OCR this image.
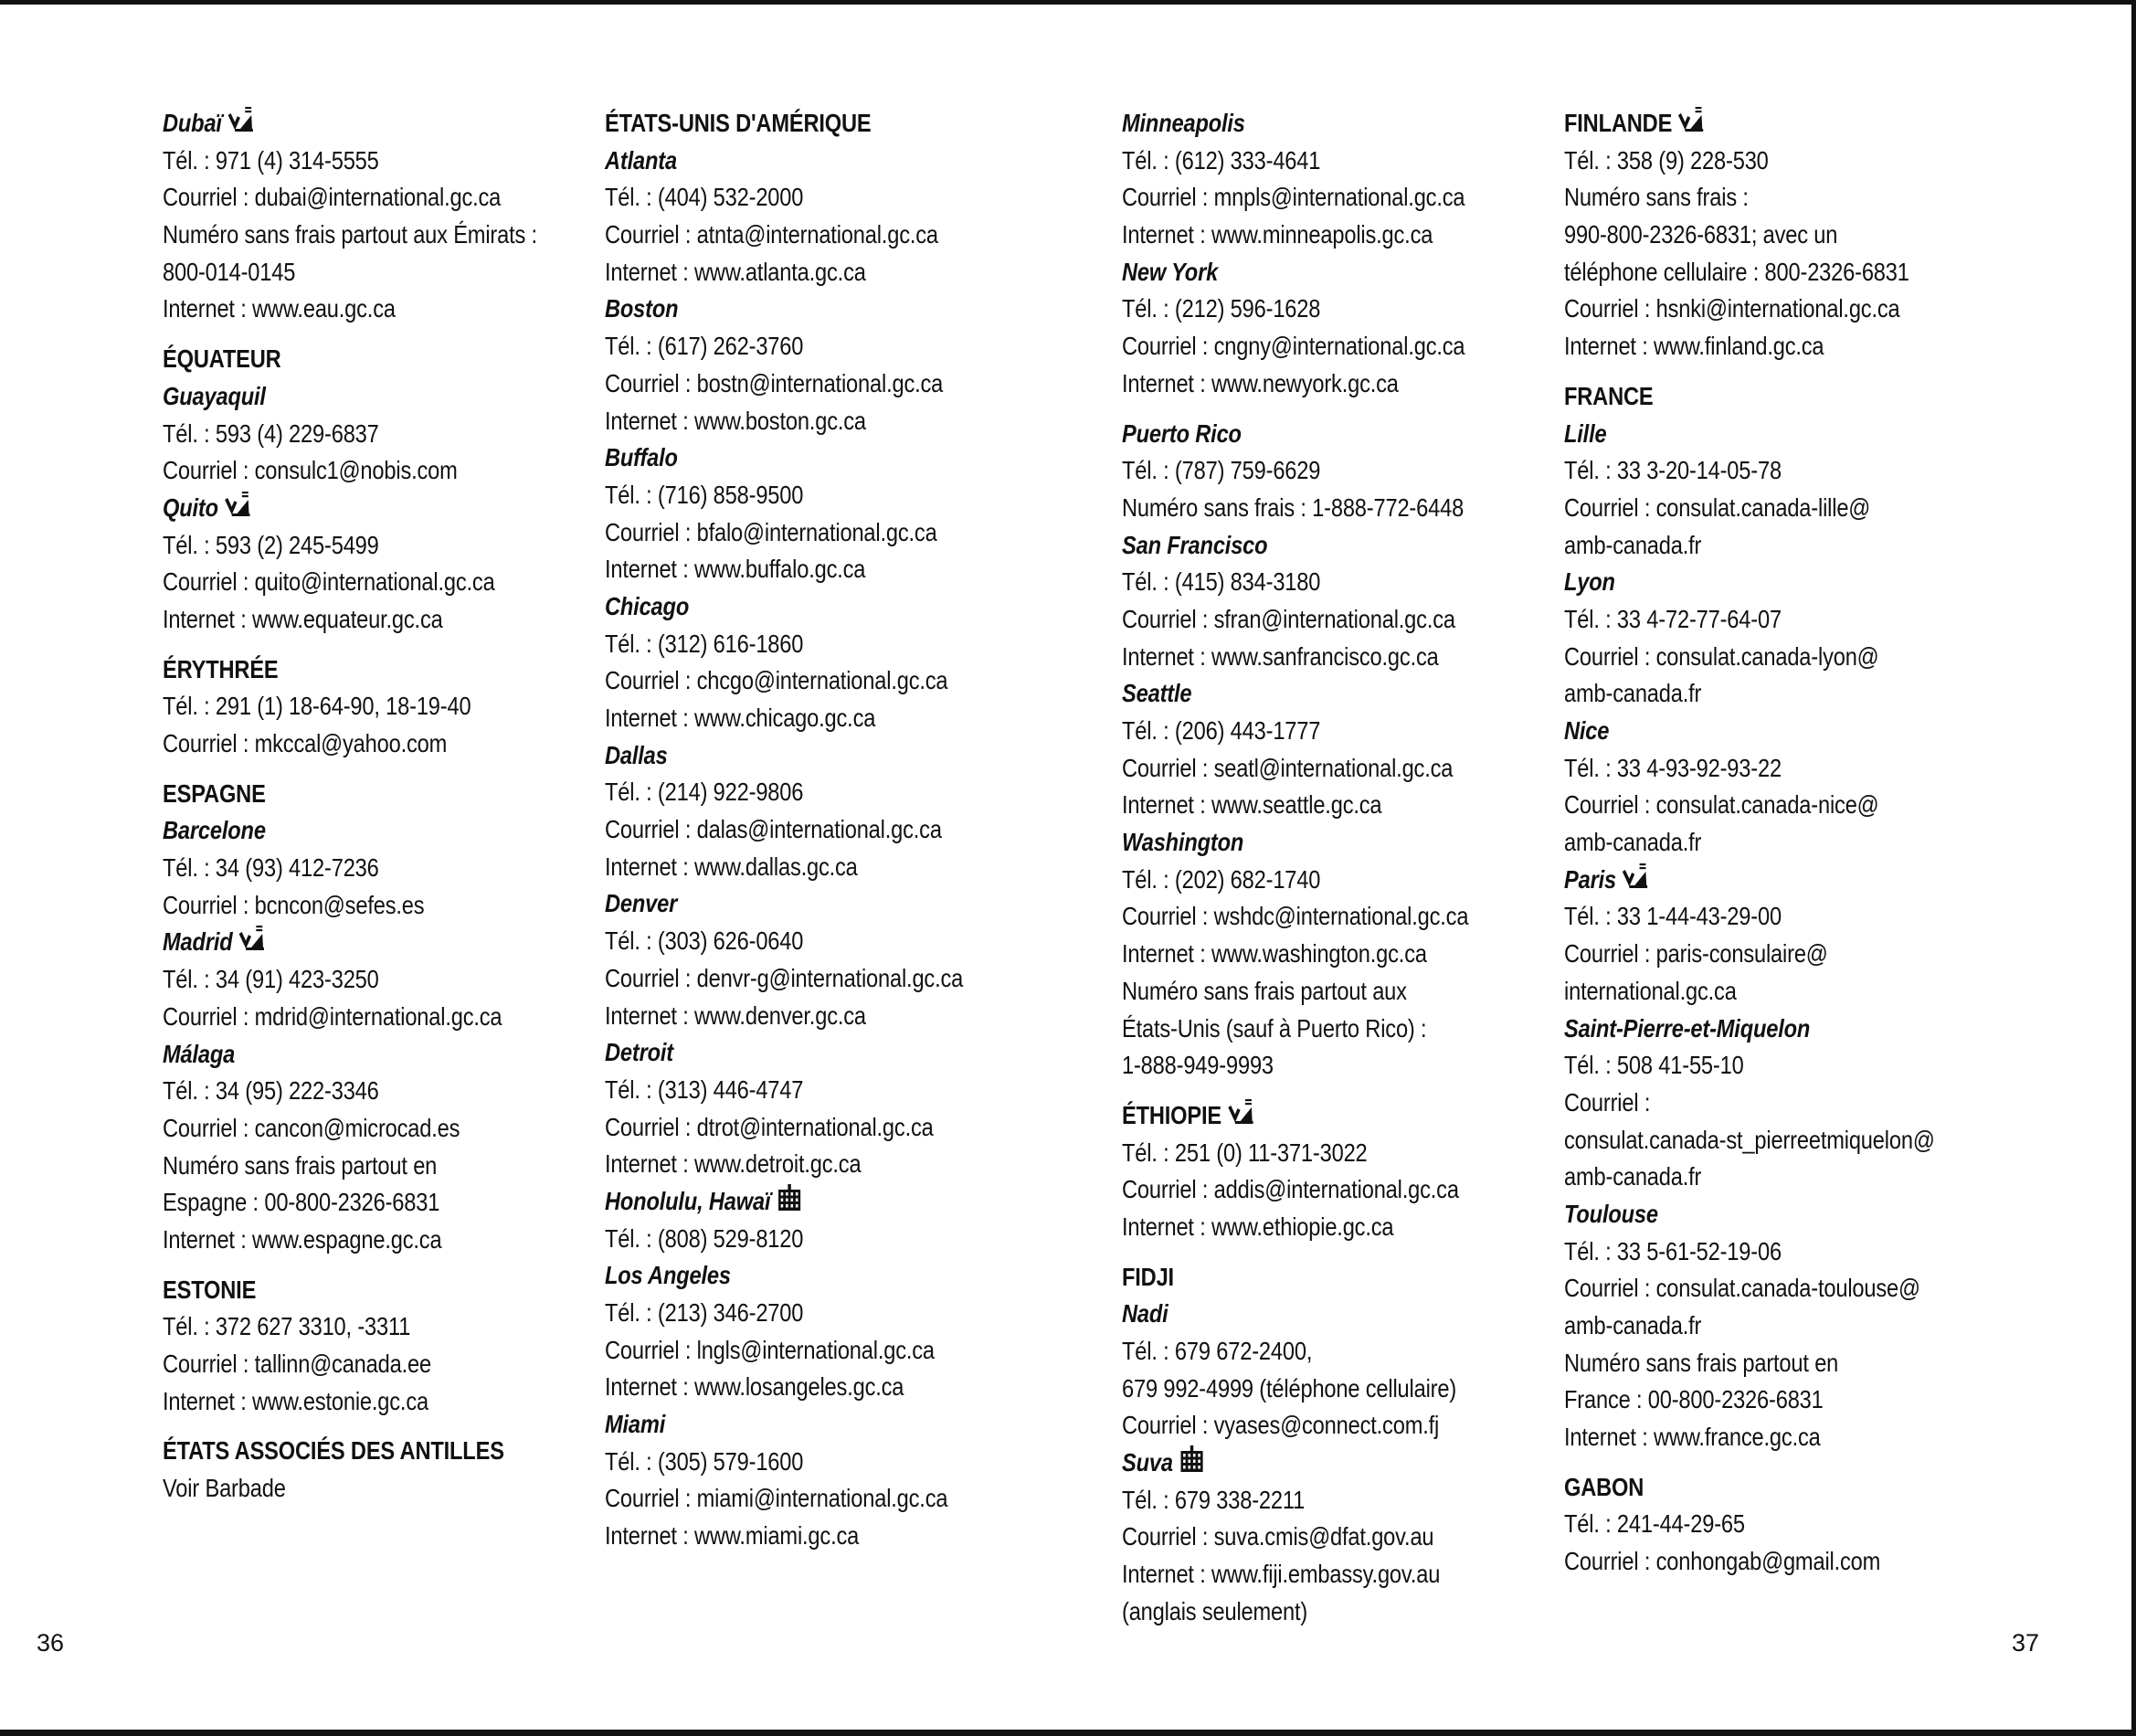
Dubaï
Tél. : 971 (4) 314-5555
Courriel : dubai@international.gc.ca
Numéro sans frais partout aux Émirats :
800-014-0145
Internet : www.eau.gc.ca
ÉQUATEUR
Guayaquil
Tél. : 593 (4) 229-6837
Courriel : consulc1@nobis.com
Quito
Tél. : 593 (2) 245-5499
Courriel : quito@international.gc.ca
Internet : www.equateur.gc.ca
ÉRYTHRÉE
Tél. : 291 (1) 18-64-90, 18-19-40
Courriel : mkccal@yahoo.com
ESPAGNE
Barcelone
Tél. : 34 (93) 412-7236
Courriel : bcncon@sefes.es
Madrid
Tél. : 34 (91) 423-3250
Courriel : mdrid@international.gc.ca
Málaga
Tél. : 34 (95) 222-3346
Courriel : cancon@microcad.es
Numéro sans frais partout en
Espagne : 00-800-2326-6831
Internet : www.espagne.gc.ca
ESTONIE
Tél. : 372 627 3310, -3311
Courriel : tallinn@canada.ee
Internet : www.estonie.gc.ca
ÉTATS ASSOCIÉS DES ANTILLES
Voir Barbade
ÉTATS-UNIS D'AMÉRIQUE
Atlanta
Tél. : (404) 532-2000
Courriel : atnta@international.gc.ca
Internet : www.atlanta.gc.ca
Boston
Tél. : (617) 262-3760
Courriel : bostn@international.gc.ca
Internet : www.boston.gc.ca
Buffalo
Tél. : (716) 858-9500
Courriel : bfalo@international.gc.ca
Internet : www.buffalo.gc.ca
Chicago
Tél. : (312) 616-1860
Courriel : chcgo@international.gc.ca
Internet : www.chicago.gc.ca
Dallas
Tél. : (214) 922-9806
Courriel : dalas@international.gc.ca
Internet : www.dallas.gc.ca
Denver
Tél. : (303) 626-0640
Courriel : denvr-g@international.gc.ca
Internet : www.denver.gc.ca
Detroit
Tél. : (313) 446-4747
Courriel : dtrot@international.gc.ca
Internet : www.detroit.gc.ca
Honolulu, Hawaï
Tél. : (808) 529-8120
Los Angeles
Tél. : (213) 346-2700
Courriel : lngls@international.gc.ca
Internet : www.losangeles.gc.ca
Miami
Tél. : (305) 579-1600
Courriel : miami@international.gc.ca
Internet : www.miami.gc.ca
Minneapolis
Tél. : (612) 333-4641
Courriel : mnpls@international.gc.ca
Internet : www.minneapolis.gc.ca
New York
Tél. : (212) 596-1628
Courriel : cngny@international.gc.ca
Internet : www.newyork.gc.ca
Puerto Rico
Tél. : (787) 759-6629
Numéro sans frais : 1-888-772-6448
San Francisco
Tél. : (415) 834-3180
Courriel : sfran@international.gc.ca
Internet : www.sanfrancisco.gc.ca
Seattle
Tél. : (206) 443-1777
Courriel : seatl@international.gc.ca
Internet : www.seattle.gc.ca
Washington
Tél. : (202) 682-1740
Courriel : wshdc@international.gc.ca
Internet : www.washington.gc.ca
Numéro sans frais partout aux
États-Unis (sauf à Puerto Rico) :
1-888-949-9993
ÉTHIOPIE
Tél. : 251 (0) 11-371-3022
Courriel : addis@international.gc.ca
Internet : www.ethiopie.gc.ca
FIDJI
Nadi
Tél. : 679 672-2400,
679 992-4999 (téléphone cellulaire)
Courriel : vyases@connect.com.fj
Suva
Tél. : 679 338-2211
Courriel : suva.cmis@dfat.gov.au
Internet : www.fiji.embassy.gov.au
(anglais seulement)
FINLANDE
Tél. : 358 (9) 228-530
Numéro sans frais :
990-800-2326-6831; avec un
téléphone cellulaire : 800-2326-6831
Courriel : hsnki@international.gc.ca
Internet : www.finland.gc.ca
FRANCE
Lille
Tél. : 33 3-20-14-05-78
Courriel : consulat.canada-lille@
amb-canada.fr
Lyon
Tél. : 33 4-72-77-64-07
Courriel : consulat.canada-lyon@
amb-canada.fr
Nice
Tél. : 33 4-93-92-93-22
Courriel : consulat.canada-nice@
amb-canada.fr
Paris
Tél. : 33 1-44-43-29-00
Courriel : paris-consulaire@
international.gc.ca
Saint-Pierre-et-Miquelon
Tél. : 508 41-55-10
Courriel :
consulat.canada-st_pierreetmiquelon@
amb-canada.fr
Toulouse
Tél. : 33 5-61-52-19-06
Courriel : consulat.canada-toulouse@
amb-canada.fr
Numéro sans frais partout en
France : 00-800-2326-6831
Internet : www.france.gc.ca
GABON
Tél. : 241-44-29-65
Courriel : conhongab@gmail.com
36	37
